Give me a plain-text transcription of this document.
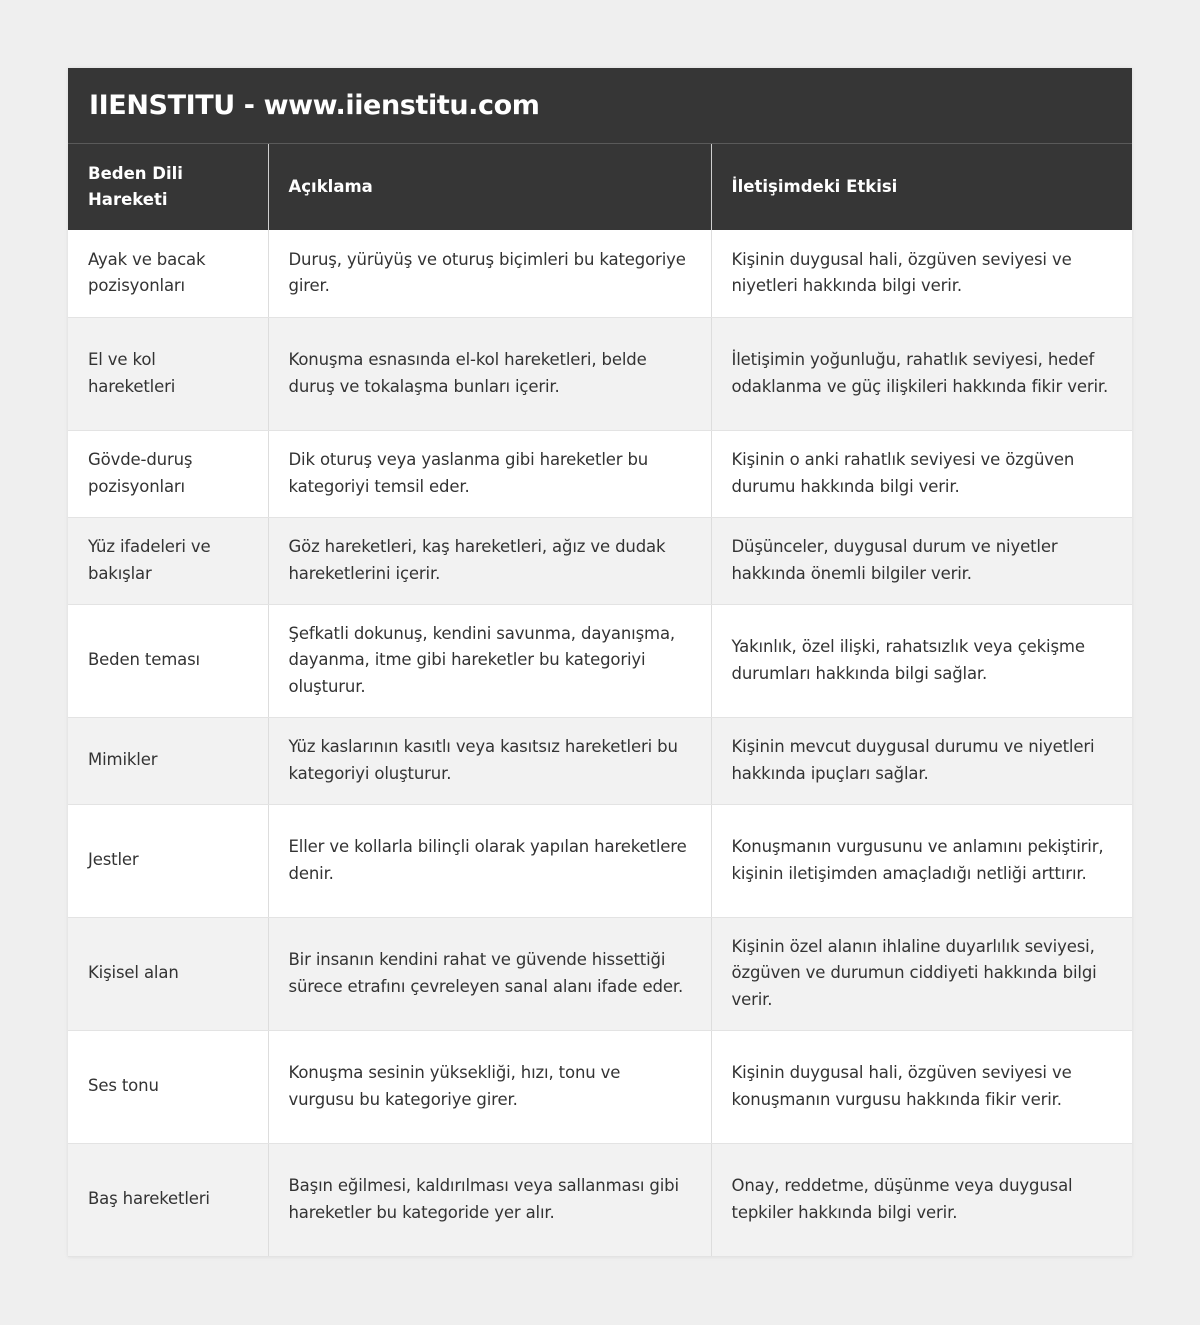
IIENSTITU - www.iienstitu.com
Beden Dili Hareketi	Açıklama	İletişimdeki Etkisi
Ayak ve bacak pozisyonları	Duruş, yürüyüş ve oturuş biçimleri bu kategoriye girer.	Kişinin duygusal hali, özgüven seviyesi ve niyetleri hakkında bilgi verir.
El ve kol hareketleri	Konuşma esnasında el-kol hareketleri, belde duruş ve tokalaşma bunları içerir.	İletişimin yoğunluğu, rahatlık seviyesi, hedef odaklanma ve güç ilişkileri hakkında fikir verir.
Gövde-duruş pozisyonları	Dik oturuş veya yaslanma gibi hareketler bu kategoriyi temsil eder.	Kişinin o anki rahatlık seviyesi ve özgüven durumu hakkında bilgi verir.
Yüz ifadeleri ve bakışlar	Göz hareketleri, kaş hareketleri, ağız ve dudak hareketlerini içerir.	Düşünceler, duygusal durum ve niyetler hakkında önemli bilgiler verir.
Beden teması	Şefkatli dokunuş, kendini savunma, dayanışma, dayanma, itme gibi hareketler bu kategoriyi oluşturur.	Yakınlık, özel ilişki, rahatsızlık veya çekişme durumları hakkında bilgi sağlar.
Mimikler	Yüz kaslarının kasıtlı veya kasıtsız hareketleri bu kategoriyi oluşturur.	Kişinin mevcut duygusal durumu ve niyetleri hakkında ipuçları sağlar.
Jestler	Eller ve kollarla bilinçli olarak yapılan hareketlere denir.	Konuşmanın vurgusunu ve anlamını pekiştirir, kişinin iletişimden amaçladığı netliği arttırır.
Kişisel alan	Bir insanın kendini rahat ve güvende hissettiği sürece etrafını çevreleyen sanal alanı ifade eder.	Kişinin özel alanın ihlaline duyarlılık seviyesi, özgüven ve durumun ciddiyeti hakkında bilgi verir.
Ses tonu	Konuşma sesinin yüksekliği, hızı, tonu ve vurgusu bu kategoriye girer.	Kişinin duygusal hali, özgüven seviyesi ve konuşmanın vurgusu hakkında fikir verir.
Baş hareketleri	Başın eğilmesi, kaldırılması veya sallanması gibi hareketler bu kategoride yer alır.	Onay, reddetme, düşünme veya duygusal tepkiler hakkında bilgi verir.
